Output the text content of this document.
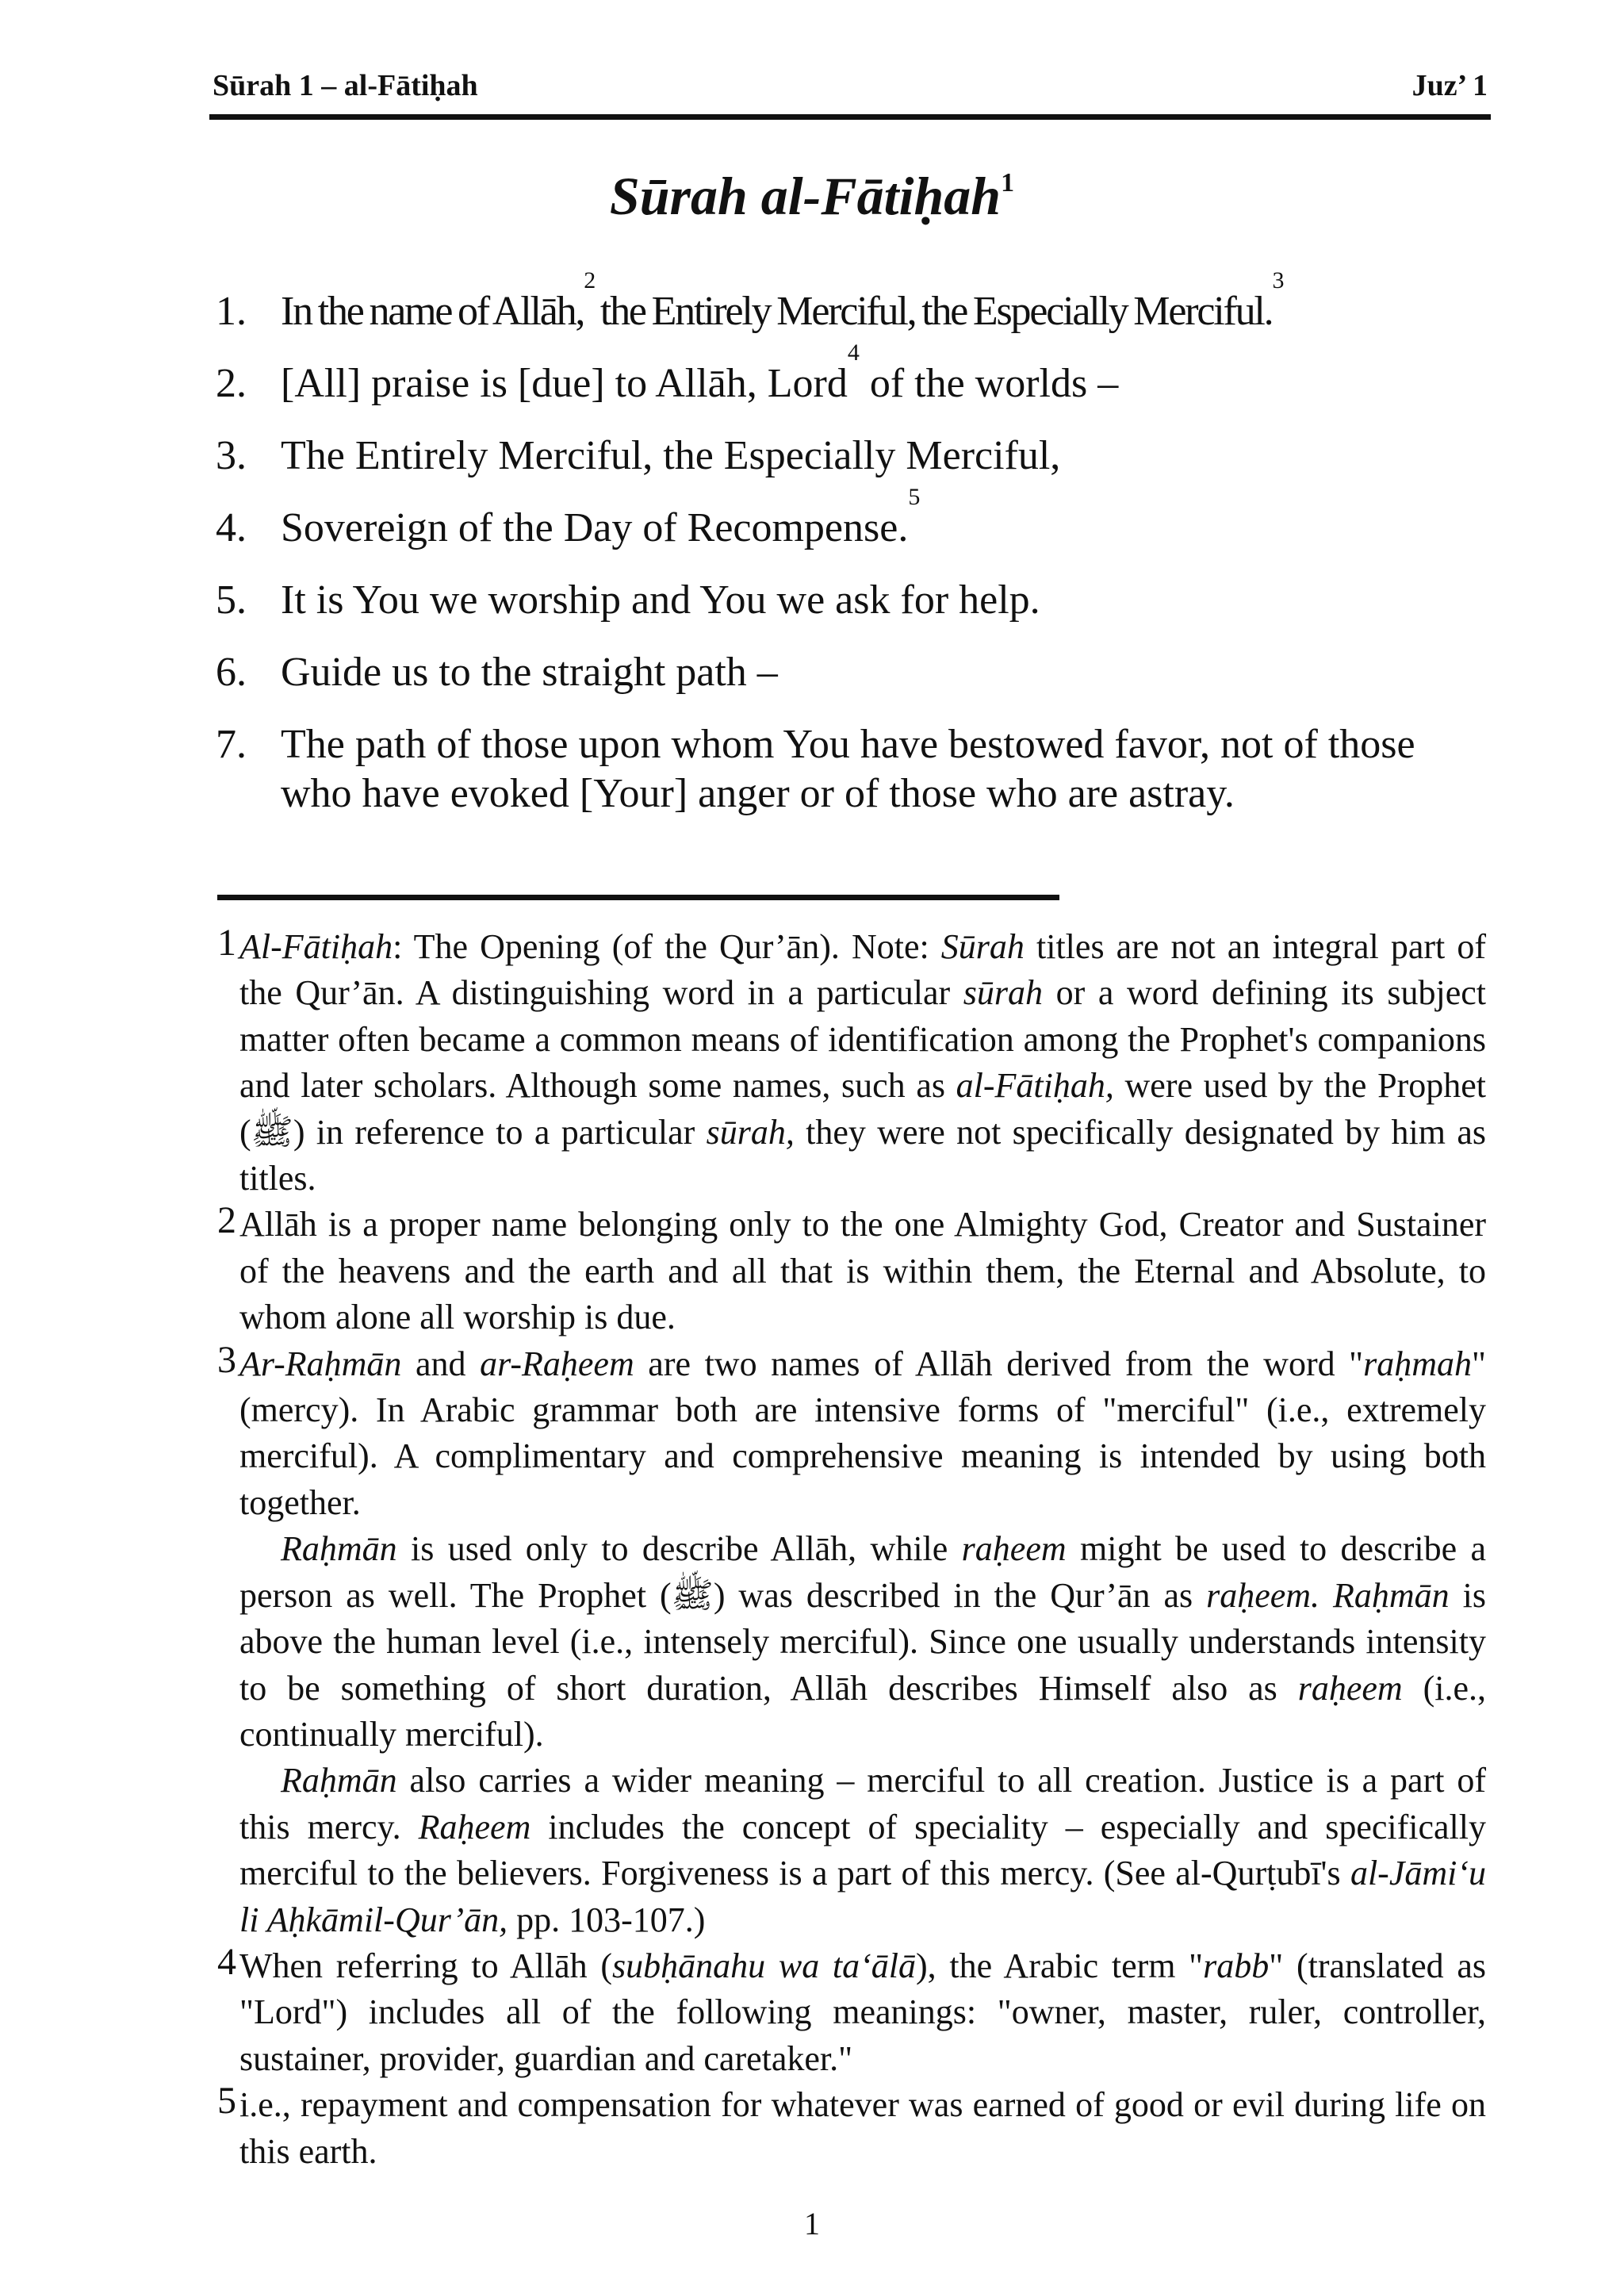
Sūrah 1 – al-Fātiḥah	Juz’ 1
Sūrah al-Fātiḥah$^1$
1. In the name of Allāh,$^2$ the Entirely Merciful, the Especially Merciful.$^3$
2. [All] praise is [due] to Allāh, Lord$^4$ of the worlds –
3. The Entirely Merciful, the Especially Merciful,
4. Sovereign of the Day of Recompense.$^5$
5. It is You we worship and You we ask for help.
6. Guide us to the straight path –
7. The path of those upon whom You have bestowed favor, not of those who have evoked [Your] anger or of those who are astray.

1 Al-Fātiḥah: The Opening (of the Qur’ān). Note: Sūrah titles are not an integral part of the Qur’ān. A distinguishing word in a particular sūrah or a word defining its subject matter often became a common means of identification among the Prophet's companions and later scholars. Although some names, such as al-Fātiḥah, were used by the Prophet (ﷺ) in reference to a particular sūrah, they were not specifically designated by him as titles.

2 Allāh is a proper name belonging only to the one Almighty God, Creator and Sustainer of the heavens and the earth and all that is within them, the Eternal and Absolute, to whom alone all worship is due.

3 Ar-Raḥmān and ar-Raḥeem are two names of Allāh derived from the word "raḥmah" (mercy). In Arabic grammar both are intensive forms of "merciful" (i.e., extremely merciful). A complimentary and comprehensive meaning is intended by using both together.

Raḥmān is used only to describe Allāh, while raḥeem might be used to describe a person as well. The Prophet (ﷺ) was described in the Qur’ān as raḥeem. Raḥmān is above the human level (i.e., intensely merciful). Since one usually understands intensity to be something of short duration, Allāh describes Himself also as raḥeem (i.e., continually merciful).

Raḥmān also carries a wider meaning – merciful to all creation. Justice is a part of this mercy. Raḥeem includes the concept of speciality – especially and specifically merciful to the believers. Forgiveness is a part of this mercy. (See al-Qurṭubī's al-Jāmi‘u li Aḥkāmil-Qur’ān, pp. 103-107.)

4 When referring to Allāh (subḥānahu wa ta‘ālā), the Arabic term "rabb" (translated as "Lord") includes all of the following meanings: "owner, master, ruler, controller, sustainer, provider, guardian and caretaker."

5 i.e., repayment and compensation for whatever was earned of good or evil during life on this earth.

1
